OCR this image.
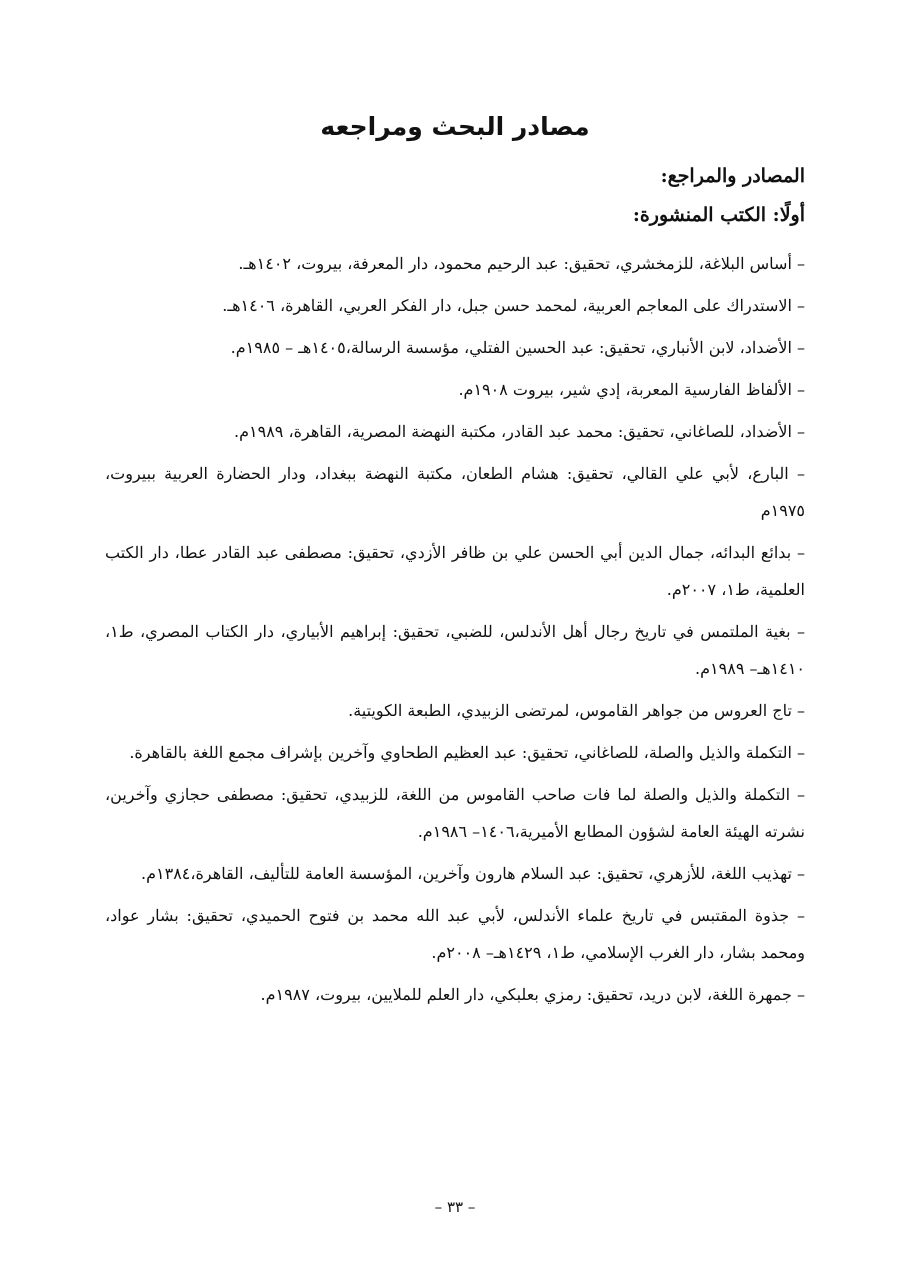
مصادر البحث ومراجعه
المصادر والمراجع:
أولًا: الكتب المنشورة:
– أساس البلاغة، للزمخشري، تحقيق: عبد الرحيم محمود، دار المعرفة، بيروت، ١٤٠٢هـ.
– الاستدراك على المعاجم العربية، لمحمد حسن جبل، دار الفكر العربي، القاهرة، ١٤٠٦هـ.
– الأضداد، لابن الأنباري، تحقيق: عبد الحسين الفتلي، مؤسسة الرسالة،١٤٠٥هـ – ١٩٨٥م.
– الألفاظ الفارسية المعربة، إدي شير، بيروت ١٩٠٨م.
– الأضداد، للصاغاني، تحقيق: محمد عبد القادر، مكتبة النهضة المصرية، القاهرة، ١٩٨٩م.
– البارع، لأبي علي القالي، تحقيق: هشام الطعان، مكتبة النهضة ببغداد، ودار الحضارة العربية ببيروت، ١٩٧٥م
– بدائع البدائه، جمال الدين أبي الحسن علي بن ظافر الأزدي، تحقيق: مصطفى عبد القادر عطا، دار الكتب العلمية، ط١، ٢٠٠٧م.
– بغية الملتمس في تاريخ رجال أهل الأندلس، للضبي، تحقيق: إبراهيم الأبياري، دار الكتاب المصري، ط١، ١٤١٠هـ– ١٩٨٩م.
– تاج العروس من جواهر القاموس، لمرتضى الزبيدي، الطبعة الكويتية.
– التكملة والذيل والصلة، للصاغاني، تحقيق: عبد العظيم الطحاوي وآخرين بإشراف مجمع اللغة بالقاهرة.
– التكملة والذيل والصلة لما فات صاحب القاموس من اللغة، للزبيدي، تحقيق: مصطفى حجازي وآخرين، نشرته الهيئة العامة لشؤون المطابع الأميرية،١٤٠٦– ١٩٨٦م.
– تهذيب اللغة، للأزهري، تحقيق: عبد السلام هارون وآخرين، المؤسسة العامة للتأليف، القاهرة،١٣٨٤م.
– جذوة المقتبس في تاريخ علماء الأندلس، لأبي عبد الله محمد بن فتوح الحميدي، تحقيق: بشار عواد، ومحمد بشار، دار الغرب الإسلامي، ط١، ١٤٢٩هـ– ٢٠٠٨م.
– جمهرة اللغة، لابن دريد، تحقيق: رمزي بعلبكي، دار العلم للملايين، بيروت، ١٩٨٧م.
– ٣٣ –
